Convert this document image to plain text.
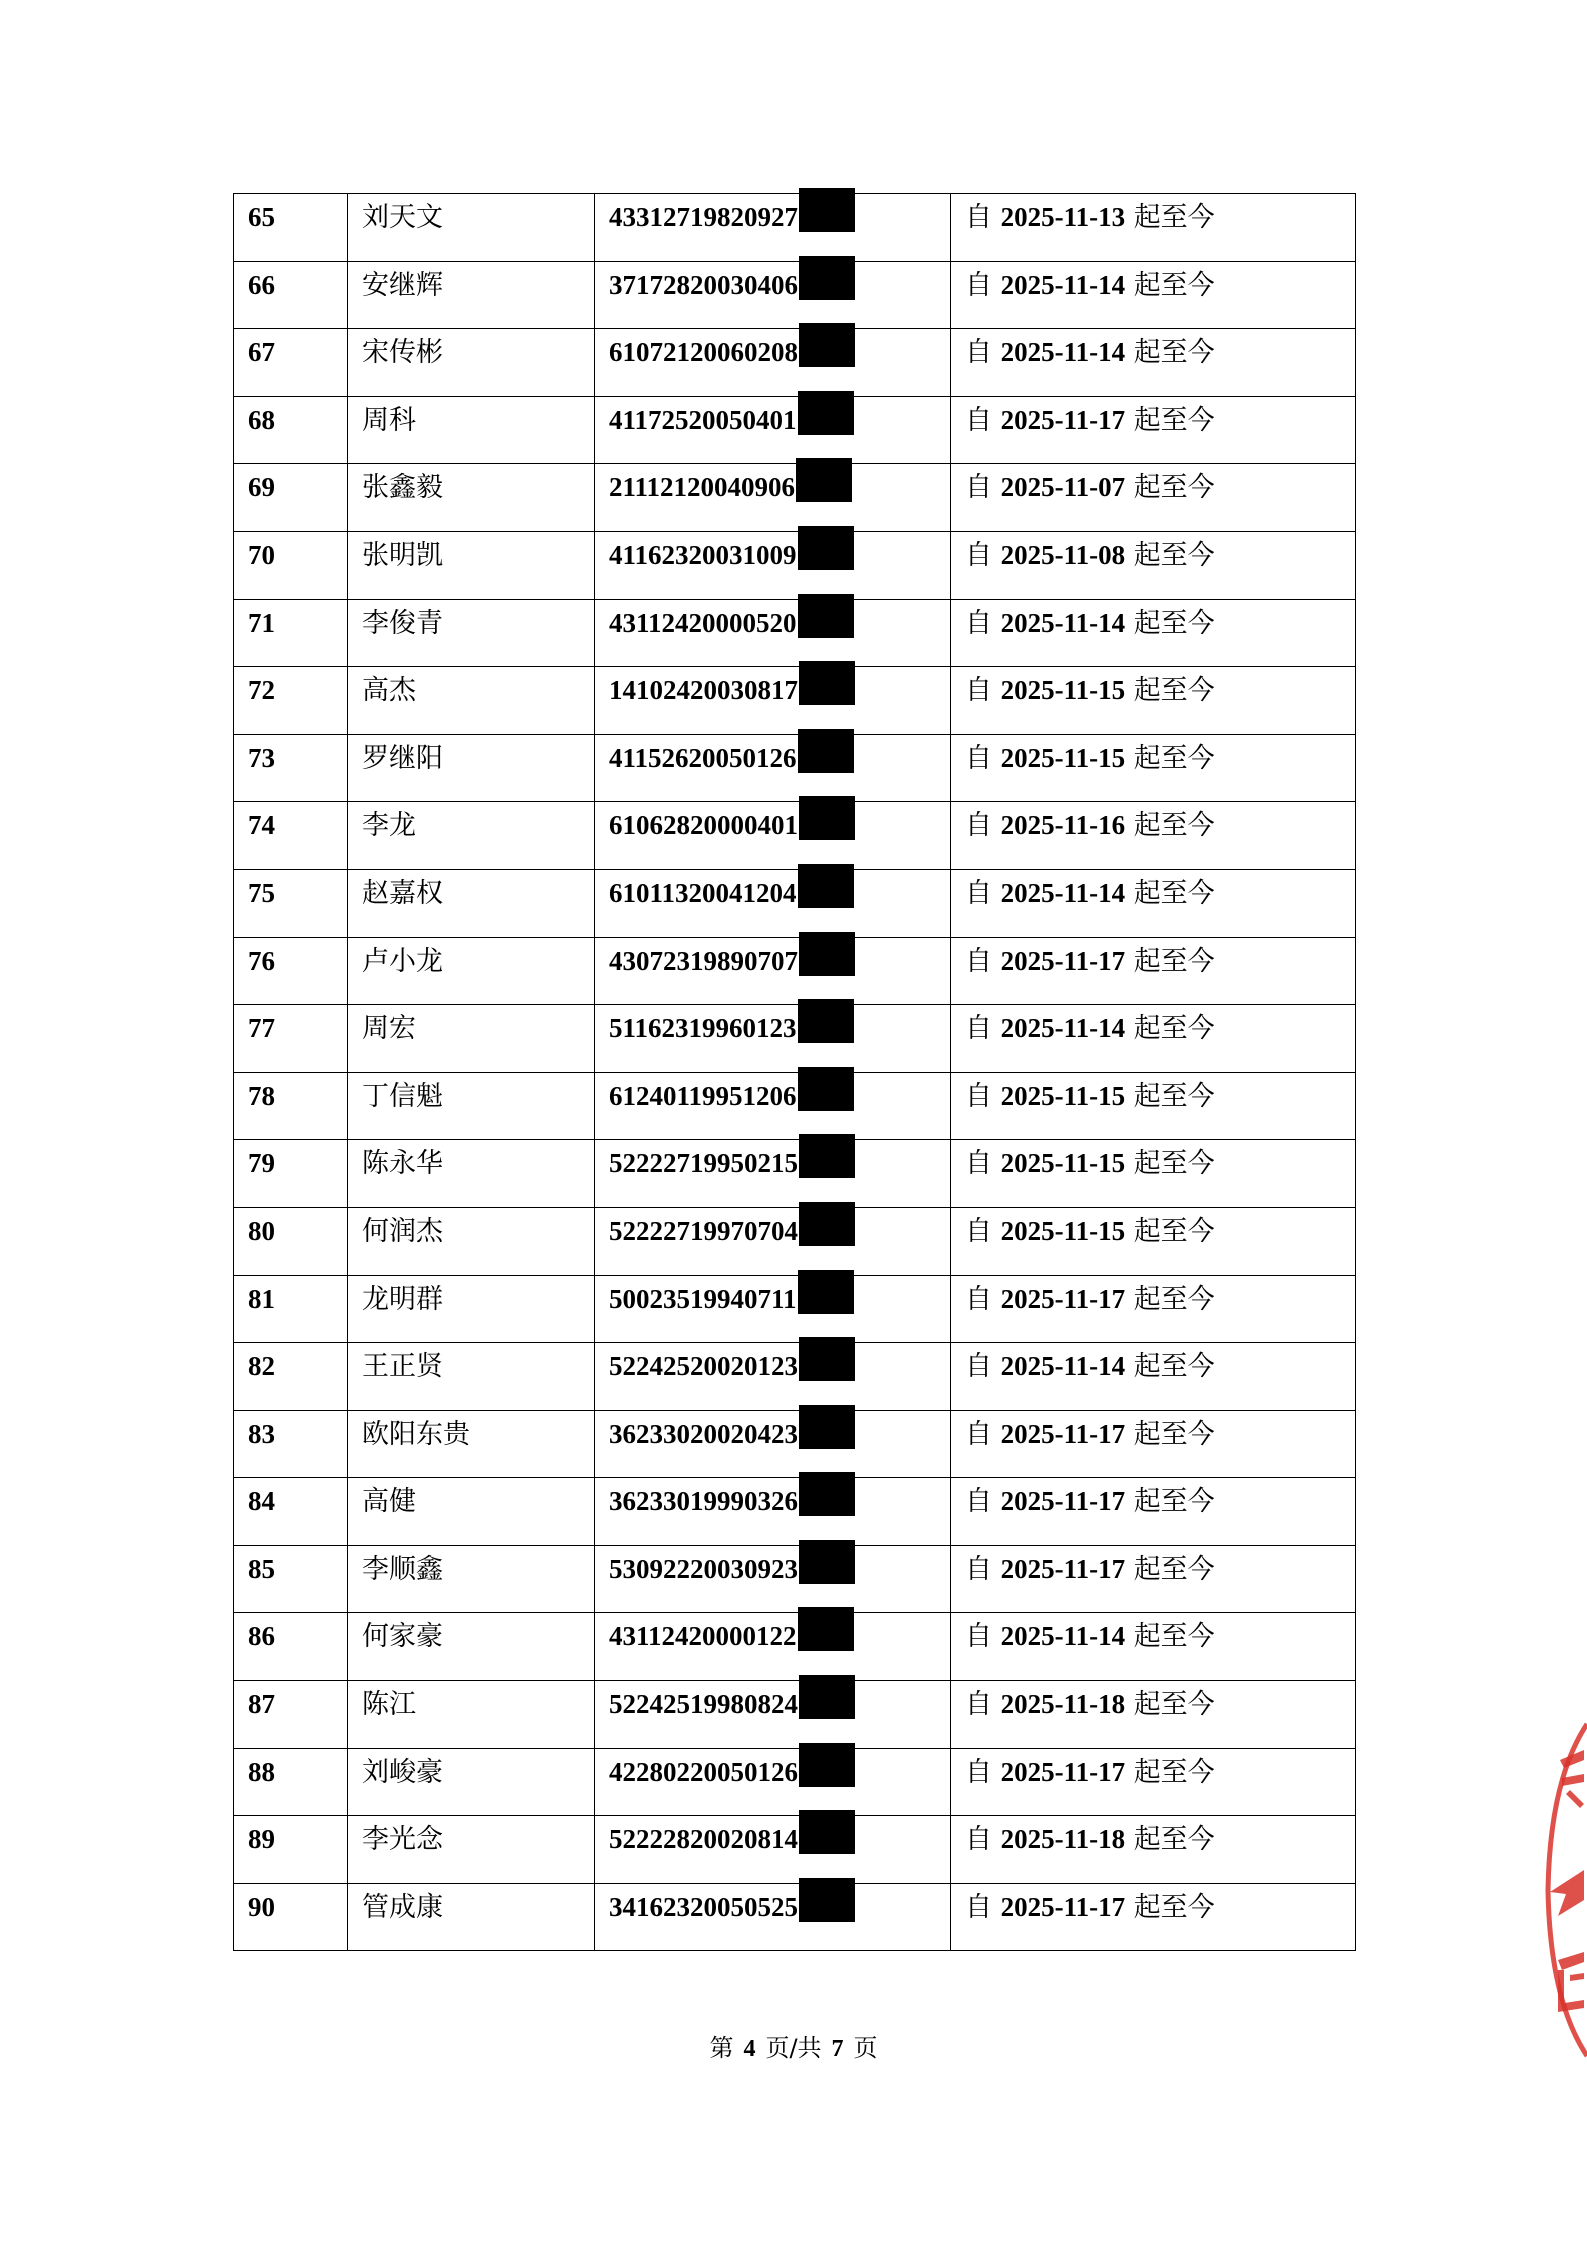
65	刘天文	43312719820927	自 2025-11-13 起至今
66	安继辉	37172820030406	自 2025-11-14 起至今
67	宋传彬	61072120060208	自 2025-11-14 起至今
68	周科	41172520050401	自 2025-11-17 起至今
69	张鑫毅	21112120040906	自 2025-11-07 起至今
70	张明凯	41162320031009	自 2025-11-08 起至今
71	李俊青	43112420000520	自 2025-11-14 起至今
72	高杰	14102420030817	自 2025-11-15 起至今
73	罗继阳	41152620050126	自 2025-11-15 起至今
74	李龙	61062820000401	自 2025-11-16 起至今
75	赵嘉权	61011320041204	自 2025-11-14 起至今
76	卢小龙	43072319890707	自 2025-11-17 起至今
77	周宏	51162319960123	自 2025-11-14 起至今
78	丁信魁	61240119951206	自 2025-11-15 起至今
79	陈永华	52222719950215	自 2025-11-15 起至今
80	何润杰	52222719970704	自 2025-11-15 起至今
81	龙明群	50023519940711	自 2025-11-17 起至今
82	王正贤	52242520020123	自 2025-11-14 起至今
83	欧阳东贵	36233020020423	自 2025-11-17 起至今
84	高健	36233019990326	自 2025-11-17 起至今
85	李顺鑫	53092220030923	自 2025-11-17 起至今
86	何家豪	43112420000122	自 2025-11-14 起至今
87	陈江	52242519980824	自 2025-11-18 起至今
88	刘峻豪	42280220050126	自 2025-11-17 起至今
89	李光念	52222820020814	自 2025-11-18 起至今
90	管成康	34162320050525	自 2025-11-17 起至今
第 4 页/共 7 页
